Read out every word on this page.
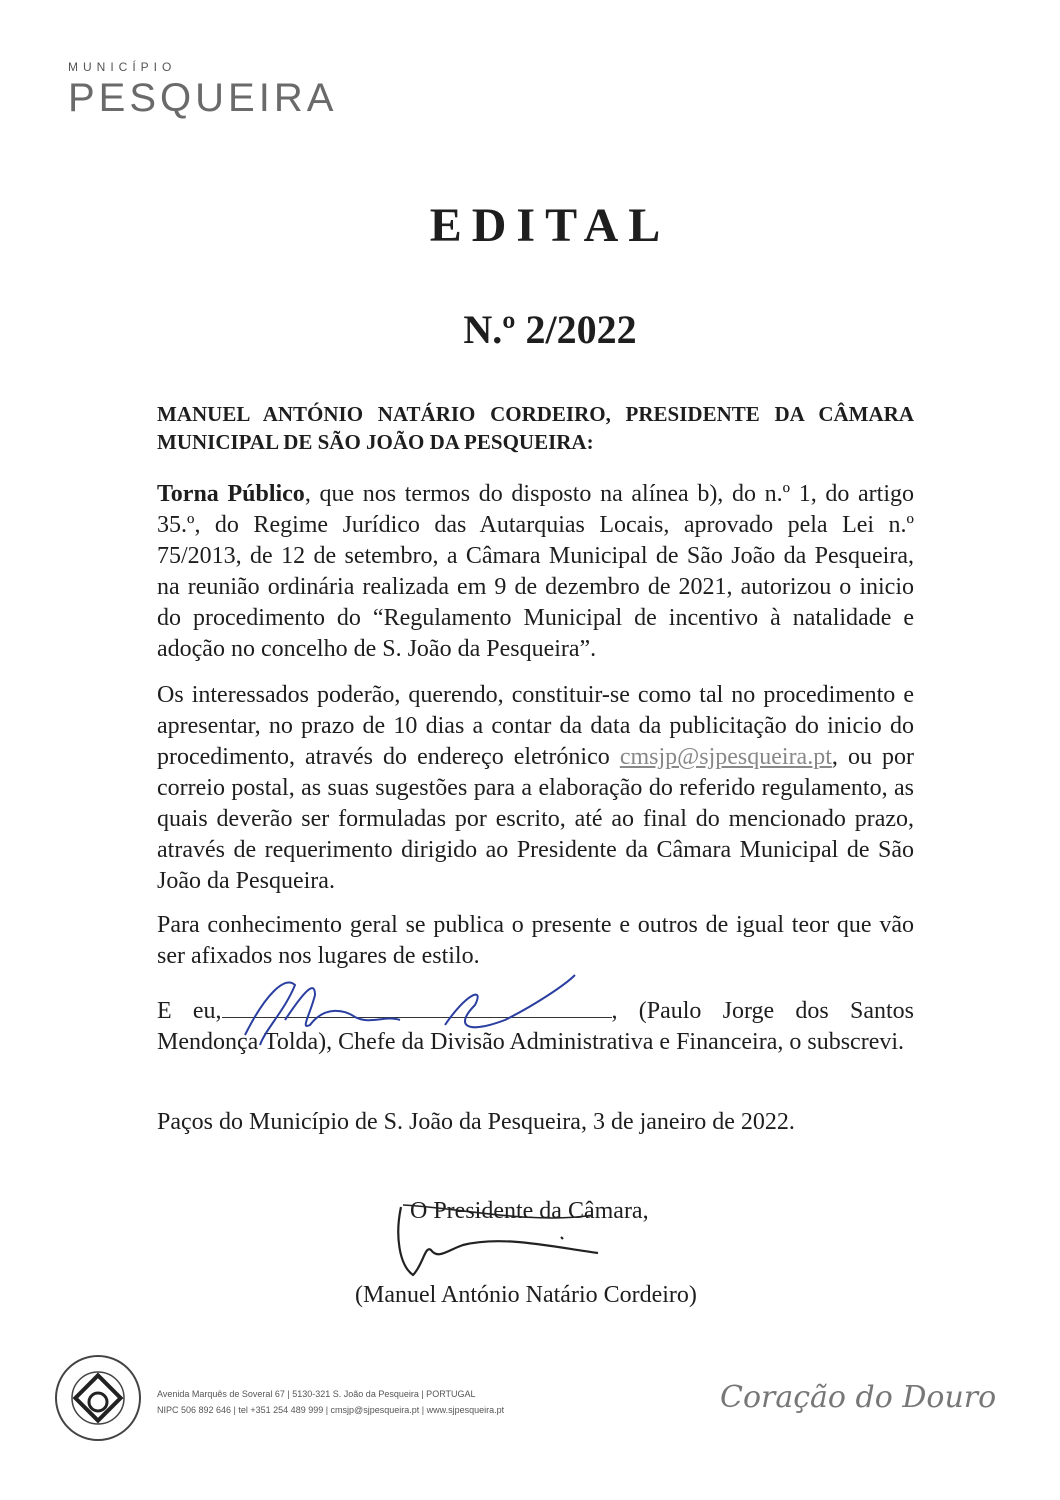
MUNICÍPIO
PESQUEIRA
EDITAL
N.º 2/2022
MANUEL ANTÓNIO NATÁRIO CORDEIRO, PRESIDENTE DA CÂMARA MUNICIPAL DE SÃO JOÃO DA PESQUEIRA:
Torna Público, que nos termos do disposto na alínea b), do n.º 1, do artigo 35.º, do Regime Jurídico das Autarquias Locais, aprovado pela Lei n.º 75/2013, de 12 de setembro, a Câmara Municipal de São João da Pesqueira, na reunião ordinária realizada em 9 de dezembro de 2021, autorizou o inicio do procedimento do “Regulamento Municipal de incentivo à natalidade e adoção no concelho de S. João da Pesqueira”.
Os interessados poderão, querendo, constituir-se como tal no procedimento e apresentar, no prazo de 10 dias a contar da data da publicitação do inicio do procedimento, através do endereço eletrónico cmsjp@sjpesqueira.pt, ou por correio postal, as suas sugestões para a elaboração do referido regulamento, as quais deverão ser formuladas por escrito, até ao final do mencionado prazo, através de requerimento dirigido ao Presidente da Câmara Municipal de São João da Pesqueira.
Para conhecimento geral se publica o presente e outros de igual teor que vão ser afixados nos lugares de estilo.
E eu,	, (Paulo Jorge dos Santos Mendonça Tolda), Chefe da Divisão Administrativa e Financeira, o subscrevi.
Paços do Município de S. João da Pesqueira, 3 de janeiro de 2022.
O Presidente da Câmara,
(Manuel António Natário Cordeiro)
Avenida Marquês de Soveral 67 | 5130-321 S. João da Pesqueira | PORTUGAL
NIPC 506 892 646 | tel +351 254 489 999 | cmsjp@sjpesqueira.pt | www.sjpesqueira.pt	Coração do Douro
